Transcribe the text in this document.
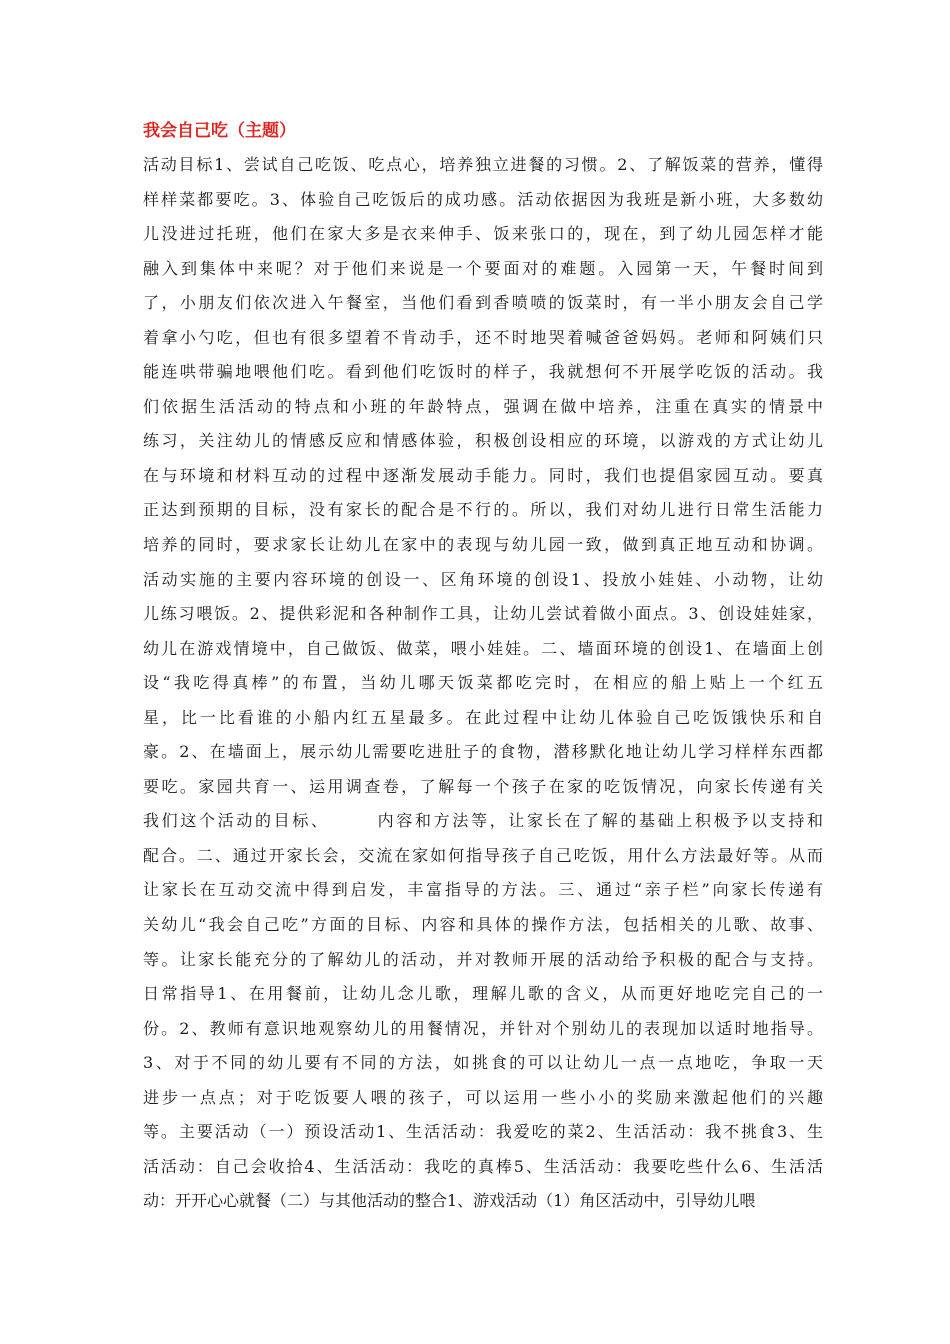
我会自己吃（主题）
活动目标1、尝试自己吃饭、吃点心，培养独立进餐的习惯。2、了解饭菜的营养，懂得
样样菜都要吃。3、体验自己吃饭后的成功感。活动依据因为我班是新小班，大多数幼
儿没进过托班，他们在家大多是衣来伸手、饭来张口的，现在，到了幼儿园怎样才能
融入到集体中来呢？对于他们来说是一个要面对的难题。入园第一天，午餐时间到
了，小朋友们依次进入午餐室，当他们看到香喷喷的饭菜时，有一半小朋友会自己学
着拿小勺吃，但也有很多望着不肯动手，还不时地哭着喊爸爸妈妈。老师和阿姨们只
能连哄带骗地喂他们吃。看到他们吃饭时的样子，我就想何不开展学吃饭的活动。我
们依据生活活动的特点和小班的年龄特点，强调在做中培养，注重在真实的情景中
练习，关注幼儿的情感反应和情感体验，积极创设相应的环境，以游戏的方式让幼儿
在与环境和材料互动的过程中逐渐发展动手能力。同时，我们也提倡家园互动。要真
正达到预期的目标，没有家长的配合是不行的。所以，我们对幼儿进行日常生活能力
培养的同时，要求家长让幼儿在家中的表现与幼儿园一致，做到真正地互动和协调。
活动实施的主要内容环境的创设一、区角环境的创设1、投放小娃娃、小动物，让幼
儿练习喂饭。2、提供彩泥和各种制作工具，让幼儿尝试着做小面点。3、创设娃娃家，
幼儿在游戏情境中，自己做饭、做菜，喂小娃娃。二、墙面环境的创设1、在墙面上创
设“我吃得真棒”的布置，当幼儿哪天饭菜都吃完时，在相应的船上贴上一个红五
星，比一比看谁的小船内红五星最多。在此过程中让幼儿体验自己吃饭饿快乐和自
豪。2、在墙面上，展示幼儿需要吃进肚子的食物，潜移默化地让幼儿学习样样东西都
要吃。家园共育一、运用调查卷，了解每一个孩子在家的吃饭情况，向家长传递有关
我们这个活动的目标、　　　内容和方法等，让家长在了解的基础上积极予以支持和
配合。二、通过开家长会，交流在家如何指导孩子自己吃饭，用什么方法最好等。从而
让家长在互动交流中得到启发，丰富指导的方法。三、通过“亲子栏”向家长传递有
关幼儿“我会自己吃”方面的目标、内容和具体的操作方法，包括相关的儿歌、故事、
等。让家长能充分的了解幼儿的活动，并对教师开展的活动给予积极的配合与支持。
日常指导1、在用餐前，让幼儿念儿歌，理解儿歌的含义，从而更好地吃完自己的一
份。2、教师有意识地观察幼儿的用餐情况，并针对个别幼儿的表现加以适时地指导。
3、对于不同的幼儿要有不同的方法，如挑食的可以让幼儿一点一点地吃，争取一天
进步一点点；对于吃饭要人喂的孩子，可以运用一些小小的奖励来激起他们的兴趣
等。主要活动（一）预设活动1、生活活动：我爱吃的菜2、生活活动：我不挑食3、生
活活动：自己会收拾4、生活活动：我吃的真棒5、生活活动：我要吃些什么6、生活活
动：开开心心就餐（二）与其他活动的整合1、游戏活动（1）角区活动中，引导幼儿喂
